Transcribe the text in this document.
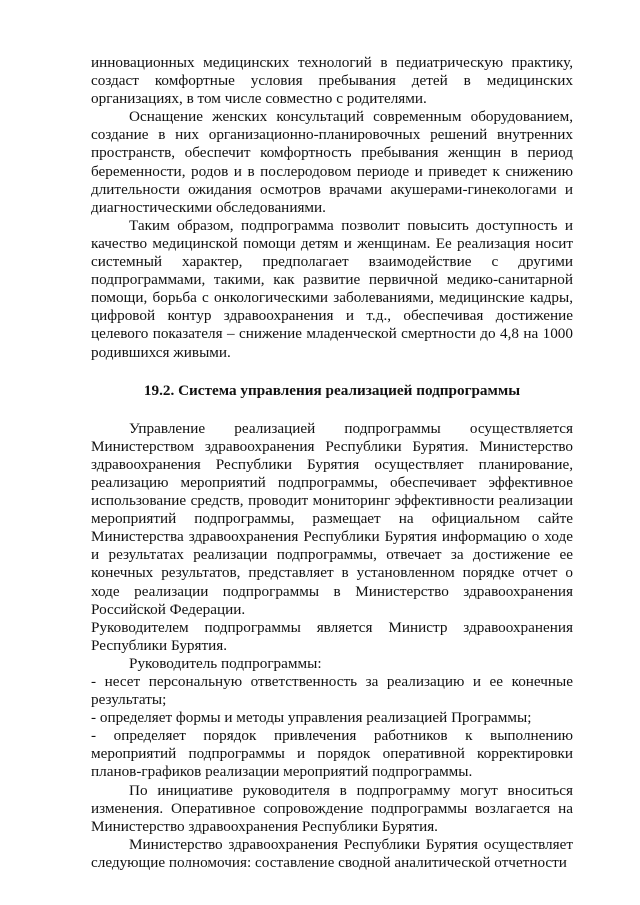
инновационных медицинских технологий в педиатрическую практику, создаст комфортные условия пребывания детей в медицинских организациях, в том числе совместно с родителями.

Оснащение женских консультаций современным оборудованием, создание в них организационно-планировочных решений внутренних пространств, обеспечит комфортность пребывания женщин в период беременности, родов и в послеродовом периоде и приведет к снижению длительности ожидания осмотров врачами акушерами-гинекологами и диагностическими обследованиями.

Таким образом, подпрограмма позволит повысить доступность и качество медицинской помощи детям и женщинам. Ее реализация носит системный характер, предполагает взаимодействие с другими подпрограммами, такими, как развитие первичной медико-санитарной помощи, борьба с онкологическими заболеваниями, медицинские кадры, цифровой контур здравоохранения и т.д., обеспечивая достижение целевого показателя – снижение младенческой смертности до 4,8 на 1000 родившихся живыми.

19.2. Система управления реализацией подпрограммы

Управление реализацией подпрограммы осуществляется Министерством здравоохранения Республики Бурятия. Министерство здравоохранения Республики Бурятия осуществляет планирование, реализацию мероприятий подпрограммы, обеспечивает эффективное использование средств, проводит мониторинг эффективности реализации мероприятий подпрограммы, размещает на официальном сайте Министерства здравоохранения Республики Бурятия информацию о ходе и результатах реализации подпрограммы, отвечает за достижение ее конечных результатов, представляет в установленном порядке отчет о ходе реализации подпрограммы в Министерство здравоохранения Российской Федерации.

Руководителем подпрограммы является Министр здравоохранения Республики Бурятия.

Руководитель подпрограммы:

- несет персональную ответственность за реализацию и ее конечные результаты;

- определяет формы и методы управления реализацией Программы;

- определяет порядок привлечения работников к выполнению мероприятий подпрограммы и порядок оперативной корректировки планов-графиков реализации мероприятий подпрограммы.

По инициативе руководителя в подпрограмму могут вноситься изменения. Оперативное сопровождение подпрограммы возлагается на Министерство здравоохранения Республики Бурятия.

Министерство здравоохранения Республики Бурятия осуществляет следующие полномочия: составление сводной аналитической отчетности
